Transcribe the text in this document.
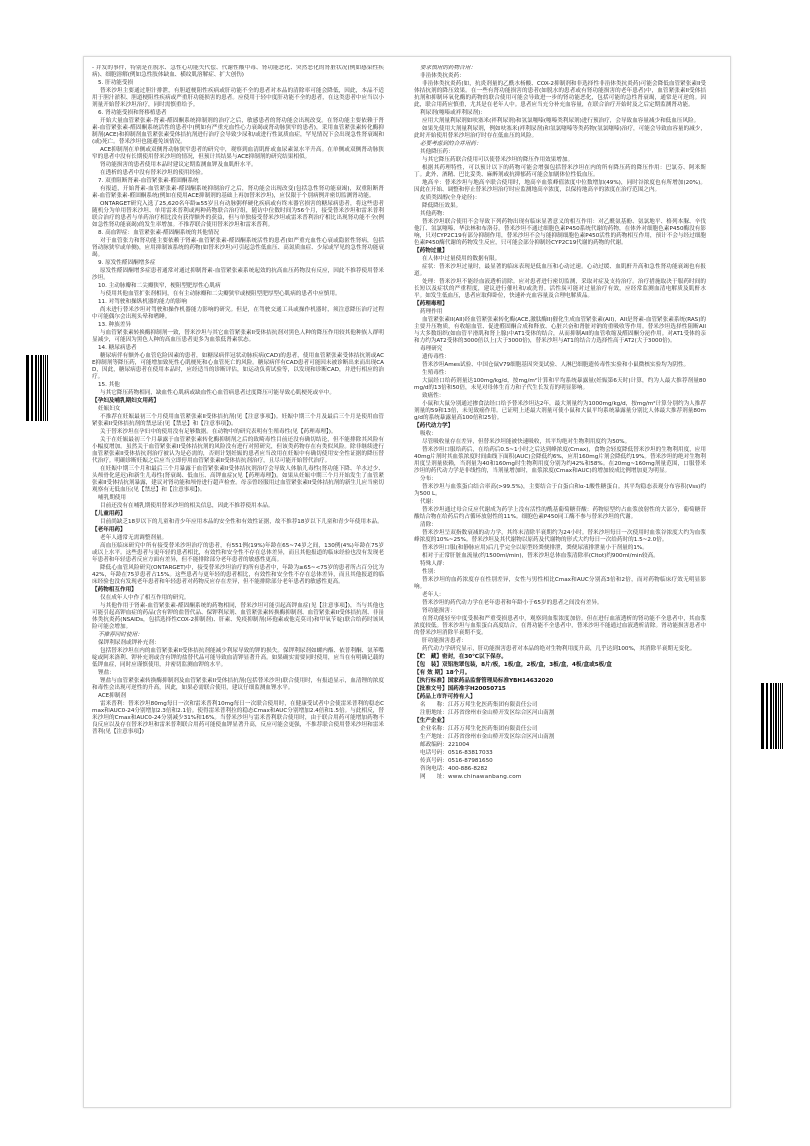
- 并发的事件，特别是在脱水、急性心功能失代偿、代谢性酸中毒、肾功能恶化、突然恶化的肾脏状况(例如感染性疾病)、细胞溶解(例如急性肢体缺血、横纹肌溶解症、扩大创伤)

5. 肝功能受损

替米沙坦主要通过胆汁排泄，有胆道梗阻性疾病或肝功能不全的患者对本品的清除率可能会降低，因此，本品不适用于胆汁淤积、胆道梗阻性疾病或严重肝功能损害的患者。应使用于轻中度肝功能不全的患者，在这类患者中应当以小剂量开始替米沙坦治疗，同时需慎重给予。

6. 肾功能受损和肾移植患者

开始大量血管紧张素-肾素-醛固酮系统抑制剂的治疗之后，敏感患者的肾功能会出现改变。在肾功能主要依赖于肾素-血管紧张素-醛固酮系统活性的患者中(例如有严重充血性心力衰竭或肾动脉狭窄的患者)，采用血管紧张素转化酶抑制剂(ACE)和抑制剂血管紧张素受体拮抗剂进行治疗会导致少尿和/或进行性氮质血症，罕见情况下会出现急性肾衰竭和(或)死亡。替米沙坦也能避免该情况。

ACE抑制剂在单侧或双侧肾动脉狭窄患者的研究中，观察到血清肌酐或血尿素氮水平升高。在单侧或双侧肾动脉狭窄的患者中没有长期使用替米沙坦的情况，但预计其结果与ACE抑制剂的研究结果相似。

肾功能损害的患者使用本品时建议定期监测血钾及血肌酐水平。

在透析的患者中没有替米沙坦的使用经验。

7. 双重阻断肾素-血管紧张素-醛固酮系统

有报道，开始肾素-血管紧张素-醛固酮系统抑制治疗之后，肾功能会出现改变(包括急性肾功能衰竭)，双重阻断肾素-血管紧张素-醛固酮系统(例如在使用ACE抑制剂的基础上再加替米沙坦)，应仅限于个别病例并密切监测肾功能。

ONTARGET研究入选了25,620名年龄≥55岁且有动脉粥样硬化疾病或有终末器官损害的糖尿病患者，将这些患者随机分为单用替米沙坦、单用雷米普利或两种药物联合治疗组，随访中位数时间为56个月，接受替米沙坦和雷米普利联合治疗的患者与单药治疗相比没有获得额外的获益，但与单独接受替米沙坦或雷米普利治疗相比出现肾功能不全(例如急性肾功能衰竭)的发生率增加。不推荐联合使用替米沙坦和雷米普利。

8. 高血钾症：血管紧张素-醛固酮系统的其他情况

对于血管张力和肾功能主要依赖于肾素-血管紧张素-醛固酮系统活性的患者(如严重充血性心衰或隐匿性肾病，包括肾动脉狭窄或单侧)，应用抑制该系统的药物(如替米沙坦)可引起急性低血压、高氮质血症、少尿或罕见的急性肾功能衰竭。

9. 原发性醛固酮增多症

原发性醛固酮增多症患者通常对通过抑制肾素-血管紧张素系统起效的抗高血压药物没有反应，因此不推荐使用替米沙坦。

10. 主动脉瓣和二尖瓣狭窄，梗阻型肥厚性心肌病

与使用其他血管扩张剂相同，在有主动脉瓣和二尖瓣狭窄或梗阻型肥厚型心肌病的患者中应慎用。

11. 对驾驶和操纵机器的能力的影响

尚未进行替米沙坦对驾驶和操作机器能力影响的研究。但是，在驾驶交通工具或操作机器时，须注意降压治疗过程中可能偶尔会出现头晕和嗜睡。

13. 种族差异

与血管紧张素转换酶抑制剂一致，替米沙坦与其它血管紧张素II受体拮抗剂对黑色人种的降压作用较其他种族人群明显减少，可能因为黑色人种的高血压患者更多为血浆低肾素状态。

14. 糖尿病患者

糖尿病伴有额外心血管危险因素的患者，如糖尿病伴冠状动脉疾病(CAD)的患者，使用血管紧张素受体拮抗剂或ACE抑制剂等降压药，可能增加致死性心肌梗死和心血管死亡的风险。糖尿病伴有CAD患者可能因未被诊断出来而出现CAD，因此，糖尿病患者在使用本品时，应经适当的诊断评估，如运动负荷试验等，以发现和诊断CAD，并进行相应的治疗。

15. 其他

与其它降压药物相同，缺血性心肌病或缺血性心血管病患者过度降压可能导致心肌梗死或卒中。

【孕妇及哺乳期妇女用药】

妊娠妇女

不推荐在妊娠最初三个月使用血管紧张素II受体拮抗剂(见【注意事项】)。妊娠中期三个月及最后三个月是使用血管紧张素II受体拮抗剂的禁忌证(见【禁忌】和【注意事项】)。

关于替米沙坦在孕妇中的使用没有足够数据。在动物中的研究表明有生殖毒性(见【药理毒理】)。

关于在妊娠最初三个月暴露于血管紧张素转化酶抑制剂之后的致畸毒性目前还没有确切结论，但不能排除其风险有小幅度增加。虽然关于血管紧张素II受体拮抗剂的风险没有进行对照研究，但该类药物存在有类似风险。除非继续进行血管紧张素II受体拮抗剂治疗被认为是必需的，否则计划妊娠的患者应当改用在妊娠中有确切使用安全性证据的降压替代治疗。明确诊断妊娠之后应当立即停用血管紧张素II受体拮抗剂治疗，且尽可能开始替代治疗。

在妊娠中期三个月和最后三个月暴露于血管紧张素II受体拮抗剂治疗会导致人体胎儿毒性(肾功能下降、羊水过少、头颅骨化延迟)和新生儿毒性(肾衰竭、低血压、高钾血症)(见【药理毒理】)。如果从妊娠中期三个月开始发生了血管紧张素II受体拮抗剂暴露，建议对肾功能和颅骨进行超声检查。母亲曾经服用过血管紧张素II受体拮抗剂的新生儿应当密切观察有无低血压(见【禁忌】和【注意事项】)。

哺乳期使用

目前还没有在哺乳期使用替米沙坦的相关信息，因此不推荐使用本品。

【儿童用药】

目前尚缺乏18岁以下的儿童和青少年应用本品的安全性和有效性证据，故不推荐18岁以下儿童和青少年使用本品。

【老年用药】

老年人通常无需调整剂量。

高血压临床研究中所有接受替米沙坦治疗的患者，有551例(19%)年龄在65~74岁之间，130例(4%)年龄在75岁或以上水平。这些患者与更年轻的患者相比，有效性和安全性不存在总体差异，而且其他报道的临床经验也没有发现老年患者和年轻患者反应方面有差异，但不能排除部分老年患者的敏感性更高。

降低心血管风险研究(ONTARGET)中，接受替米沙坦治疗的所有患者中，年龄为≥65~<75岁的患者所占百分比为42%，年龄在75岁患者占15%。这些患者与更年轻的患者相比，有效性和安全性不存在总体差异，而且其他报道的临床经验也没有发现老年患者和年轻患者对药物反应存在差异，但不能排除部分老年患者的敏感性更高。

【药物相互作用】

仅在成年人中作了相互作用的研究。

与其他作用于肾素-血管紧张素-醛固酮系统的药物相同，替米沙坦可能引起高钾血症(见【注意事项】)，当与其他也可能引起高钾血症的药品(含有钾的盐替代品、保钾利尿剂、血管紧张素转换酶抑制剂、血管紧张素II受体拮抗剂、非甾体类抗炎药(NSAIDs，包括选择性COX-2抑制剂)、肝素、免疫抑制剂(环孢素或他克莫司)和甲氧苄啶)联合给药时该风险可能会增加。

不推荐同时使用：

保钾利尿剂或钾补充剂：

包括替米沙坦在内的血管紧张素II受体拮抗剂能减少利尿导致的钾的损失。保钾利尿剂如螺内酯、依普利酮、氨苯喋啶或阿米洛利、钾补充剂或含有钾的盐替代品可能导致血清钾显著升高。如果确实需要同时使用，应当在有明确记载的低钾血症，同时应谨慎使用，并密切监测血钾的水平。

锂盐：

锂盐与血管紧张素转换酶抑制剂及血管紧张素II受体拮抗剂(包括替米沙坦)联合使用时，有报道显示，血清锂的浓度和毒性会出现可逆性的升高，因此，如果必需联合使用，建议仔细监测血锂水平。

ACE抑制剂

雷米普利：替米沙坦80mg每日一次和雷米普利10mg每日一次联合使用时，在健康受试者中会使雷米普利的稳态Cmax和AUC0-24分别增加2.3倍和2.1倍。使得雷米普利拉的稳态Cmax和AUC分别增加2.4倍和1.5倍。与此相反，替米沙坦的Cmax和AUC0-24分别减少31%和16%。当替米沙坦与雷米普利联合使用时，由于联合用药可能增加药物不良反应以及存在替米沙坦和雷米普利联合用药可能使血钾显著升高，反应可能会更强，不推荐联合使用替米沙坦和雷米普利(见【注意事项】)

要求慎用的药物合用：

非甾体类抗炎药：

非甾体类抗炎药(如，抗炎剂量的乙酰水杨酸、COX-2抑制剂和非选择性非甾体类抗炎药)可能会降低血管紧张素II受体拮抗剂的降压效果。在一些有肾功能损害的患者(如脱水的患者或有肾功能损害的老年患者)中，血管紧张素II受体拮抗剂和抑制环氧化酶的药物的联合使用可能会导致进一步的肾功能恶化，包括可能的急性肾衰竭，通常是可逆的。因此，联合用药应慎重，尤其是在老年人中。患者应当充分补充血容量，在联合治疗开始时及之后定期监测肾功能。

利尿剂(噻嗪或袢利尿剂)：

应用大剂量利尿剂如呋塞米(袢利尿剂)和氢氯噻嗪(噻嗪类利尿剂)进行预治疗，会导致血容量减少和低血压风险。

如果先使用大剂量利尿剂，例如呋塞米(袢利尿剂)和氢氯噻嗪等类药物(氢氯噻嗪)治疗，可能会导致血容量的减少，此时开始使用替米沙坦治疗时存在低血压的风险。

必要考虑到的合并用药：

其他降压药：

与其它降压药联合使用可以使替米沙坦的降压作用效果增加。

根据其药理特性，可以预计以下的药物可能会增强包括替米沙坦在内的所有降压药的降压作用：巴氯芬、阿米斯丁。此外，酒精、巴比妥类、麻醉剂或抗抑郁药可能会加剧体位性低血压。

地高辛：替米沙坦与地高辛联合使用时，地高辛血浆峰值浓度中位数增加(49%)，同时谷浓度也有所增加(20%)。因此在开始、调整和停止替米沙坦治疗时应监测地高辛浓度，以保持地高辛的浓度在治疗范围之内。

皮质类固醇(全身途径)：

降低降压效果。

其他药物：

替米沙坦联合使用不会导致下列药物出现有临床显著意义的相互作用：对乙酰氨基酚、氨氯地平、格列本脲、辛伐他汀、氢氯噻嗪、华法林和布洛芬。替米沙坦不通过细胞色素P450系统代谢的药物，在体外对细胞色素P450酶没有影响，只对CYP2C19有部分抑制作用，替米沙坦不会与能抑制细胞色素P450活性的药物相互作用，预计不会与经过细胞色素P450酶代谢的药物发生反应，只可能会部分抑制经CYP2C19代谢的药物的代谢。

【药物过量】

在人体中过量使用的数据有限。

症状：替米沙坦过量时，最显著的临床表现是低血压和心动过速。心动过缓、血肌酐升高和急性肾功能衰竭也有报道。

处理：替米沙坦不能经血液透析清除。应对患者进行密切监测，采取对症及支持治疗。治疗措施取决于服药时间的长短以及症状的严重程度，建议进行催吐和/或洗胃。活性炭可能对过量治疗有效，应经常监测血清电解质及肌酐水平。如发生低血压，患者应取仰卧位，快速补充血容量及合理电解质品。

【药理毒理】

药理作用

血管紧张素II(AII)经血管紧张素转化酶(ACE,激肽酶II)催化生成血管紧张素(AII)，AII是肾素-血管紧张素系统(RAS)的主要升压物质，有收缩血管、促进醛固酮合成和释放、心脏兴奋和肾脏对钠的重吸收等作用。替米沙坦选择性阻断AII与大多数组织(如血管平滑肌和肾上腺)中AT1受体的结合，从而抑制AII的血管收缩及醛固酮分泌作用。对AT1受体的亲和力约为AT2受体的3000倍以上(大于3000倍)，替米沙坦与AT1的结合力选择性高于AT2(大于3000倍)。

毒理研究

遗传毒性：

替米沙坦Ames试验、中国仓鼠V79细胞基因突变试验、人淋巴细胞遗传毒性实验和小鼠微核实验均为阴性。

生殖毒性：

大鼠经口给药剂量达100mg/kg/d，按mg/m²计算和平均系统暴露量(妊娠第6天时)计算，约为人最大推荐剂量80mg/d的13倍和50倍，未见对母体生育力和子代生长发育的明显影响。

致癌性：

小鼠和大鼠分别通过掺食法经口给予替米沙坦达2年，最大剂量约为1000mg/kg/d，按mg/m²计算分别约为人推荐剂量的59和13倍，未见致癌作用。已证明上述最大剂量可使小鼠和大鼠平均系统暴露量分别比人体最大推荐剂量80mg/d的系统暴露量高100倍和25倍。

【药代动力学】

吸收：

尽管吸收量存在差异，但替米沙坦能被快速吸收，其平均绝对生物利用度约为50%。

替米沙坦口服给药后，在给药后0.5~1小时之后达到峰浓度(Cmax)，食物会轻度降低替米沙坦的生物利用度，应用40mg片剂时其血浆浓度时间曲线下面积(AUC)会降低约6%，应用160mg片剂会降低约19%。替米沙坦的绝对生物利用度呈剂量依赖，当剂量为40和160mg时生物利用度分别为约42%和58%。在20mg~160mg剂量范围，口服替米沙坦的药代动力学是非线性的，当剂量增加时，血浆浓度(Cmax和AUC)的增加较成比例增加更为明显。

分布：

替米沙坦与血浆蛋白结合率高(>99.5%)，主要结合于白蛋白和α-1酸性糖蛋白。其平均稳态表观分布容积(Vss)约为500 L。

代谢：

替米沙坦通过母合反应代谢成为药学上没有活性的酰基葡萄糖苷酸：药物原型约占血浆放射性的大部分，葡萄糖苷酸结合物在给药后约占循环放射性的11%。细胞色素P450同工酶不参与替米沙坦的代谢。

清除：

替米沙坦呈双指数衰减的动力学，其终末清除半衰期约为24小时。替米沙坦每日一次使用时血浆谷浓度大约为血浆峰浓度的10%~25%。替米沙坦及其代谢物以原药及代谢物的形式大约每日一次给药时的1.5~2.0倍。

替米沙坦口服(和静脉应用)后几乎完全以原型经粪便排泄，粪便尿液排泄量小于剂量的1%。

相对于正常肝脏血流量(约1500ml/min)，替米沙坦总体血浆清除率(Cltot)约900ml/min较高。

特殊人群：

性别：

替米沙坦的血药浓度存在性别差异，女性与男性相比Cmax和AUC分别高3倍和2倍，而对药物临床疗效无明显影响。

老年人：

替米沙坦的药代动力学在老年患者和年龄小于65岁的患者之间没有差异。

肾功能损害：

在肾功能轻至中度受损和严重受损患者中，观察到血浆浓度加倍。但在进行血液透析的肾功能不全患者中，其血浆浓度较低。替米沙坦与血浆蛋白高度结合，在肾功能不全患者中，替米沙坦不能通过血液透析清除。肾功能损害患者中的替米沙坦消除半衰期不变。

肝功能损害患者：

药代动力学研究显示，肝功能损害患者对本品的绝对生物利用度升高，几乎达到100%，其消除半衰期无变化。

【贮　藏】密封，在30℃以下保存。

【包　装】双铝泡罩包装，8片/板，1板/盒，2板/盒，3板/盒，4板/盒或5板/盒

【有 效 期】18个月。

【执行标准】国家药品监督管理局标准YBH14632020

【批准文号】国药准字H20050715

【药品上市许可持有人】

名　　称：江苏万邦生化医药集团有限责任公司

注册地址：江苏省徐州市金山桥开发区综合区河山南割

【生产企业】

企业名称：江苏万邦生化医药集团有限责任公司

生产地址：江苏省徐州市金山桥开发区综合区河山南割

邮政编码：221004

电话号码：0516-83817033

传真号码：0516-87981650

咨询电话：400-886-8282

网　　址：www.chinawanbang.com
